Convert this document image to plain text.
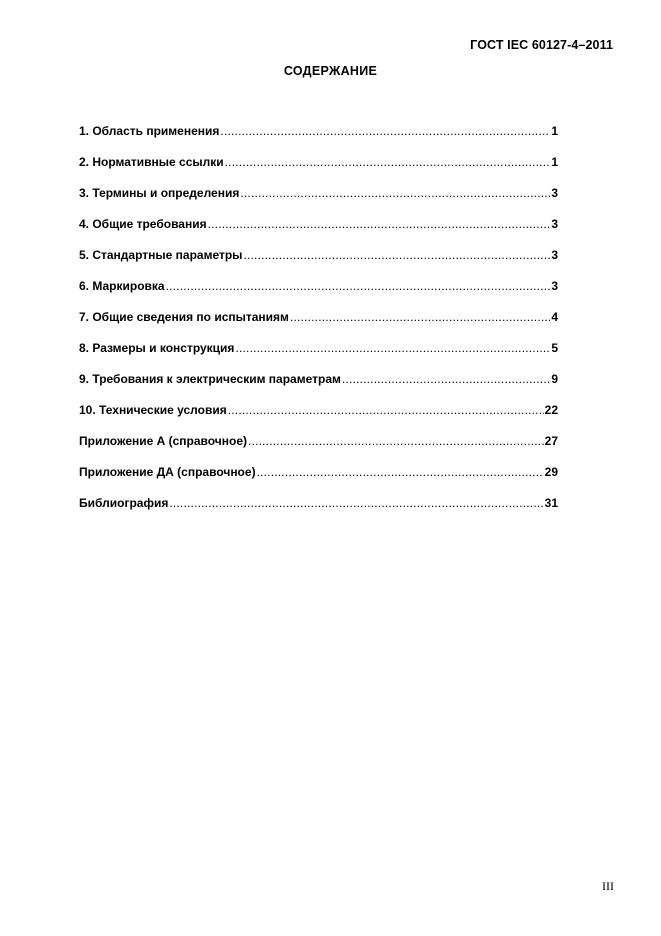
ГОСТ IEC 60127-4–2011
СОДЕРЖАНИЕ
1. Область применения .....	1
2. Нормативные ссылки .....	1
3. Термины и определения .....	3
4. Общие требования .....	3
5. Стандартные параметры .....	3
6. Маркировка .....	3
7. Общие сведения по испытаниям .....	4
8. Размеры и конструкция .....	5
9. Требования к электрическим параметрам .....	9
10. Технические условия .....	22
Приложение А (справочное) .....	27
Приложение ДА (справочное) .....	29
Библиография .....	31
III
